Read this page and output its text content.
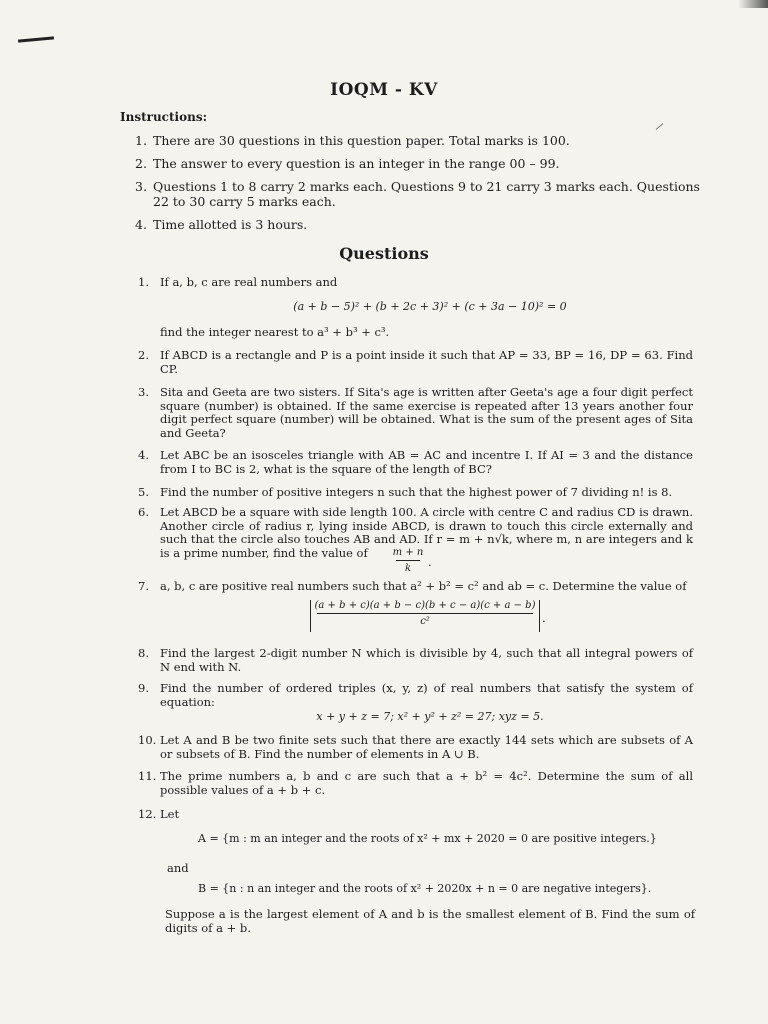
IOQM - KV
Instructions:
1. There are 30 questions in this question paper. Total marks is 100.
2. The answer to every question is an integer in the range 00 – 99.
3. Questions 1 to 8 carry 2 marks each. Questions 9 to 21 carry 3 marks each. Questions 22 to 30 carry 5 marks each.
4. Time allotted is 3 hours.
Questions
1. If a, b, c are real numbers and
(a + b − 5)² + (b + 2c + 3)² + (c + 3a − 10)² = 0
find the integer nearest to a³ + b³ + c³.
2. If ABCD is a rectangle and P is a point inside it such that AP = 33, BP = 16, DP = 63. Find CP.
3. Sita and Geeta are two sisters. If Sita's age is written after Geeta's age a four digit perfect square (number) is obtained. If the same exercise is repeated after 13 years another four digit perfect square (number) will be obtained. What is the sum of the present ages of Sita and Geeta?
4. Let ABC be an isosceles triangle with AB = AC and incentre I. If AI = 3 and the distance from I to BC is 2, what is the square of the length of BC?
5. Find the number of positive integers n such that the highest power of 7 dividing n! is 8.
6. Let ABCD be a square with side length 100. A circle with centre C and radius CD is drawn. Another circle of radius r, lying inside ABCD, is drawn to touch this circle externally and such that the circle also touches AB and AD. If r = m + n√k, where m, n are integers and k is a prime number, find the value of	m + n
k	.
7. a, b, c are positive real numbers such that a² + b² = c² and ab = c. Determine the value of
(a + b + c)(a + b − c)(b + c − a)(c + a − b)
c²	.
8. Find the largest 2-digit number N which is divisible by 4, such that all integral powers of N end with N.
9. Find the number of ordered triples (x, y, z) of real numbers that satisfy the system of equation:
x + y + z = 7; x² + y² + z² = 27; xyz = 5.
10. Let A and B be two finite sets such that there are exactly 144 sets which are subsets of A or subsets of B. Find the number of elements in A ∪ B.
11. The prime numbers a, b and c are such that a + b² = 4c². Determine the sum of all possible values of a + b + c.
12. Let
A = {m : m an integer and the roots of x² + mx + 2020 = 0 are positive integers.}
and
B = {n : n an integer and the roots of x² + 2020x + n = 0 are negative integers}.
Suppose a is the largest element of A and b is the smallest element of B. Find the sum of digits of a + b.
